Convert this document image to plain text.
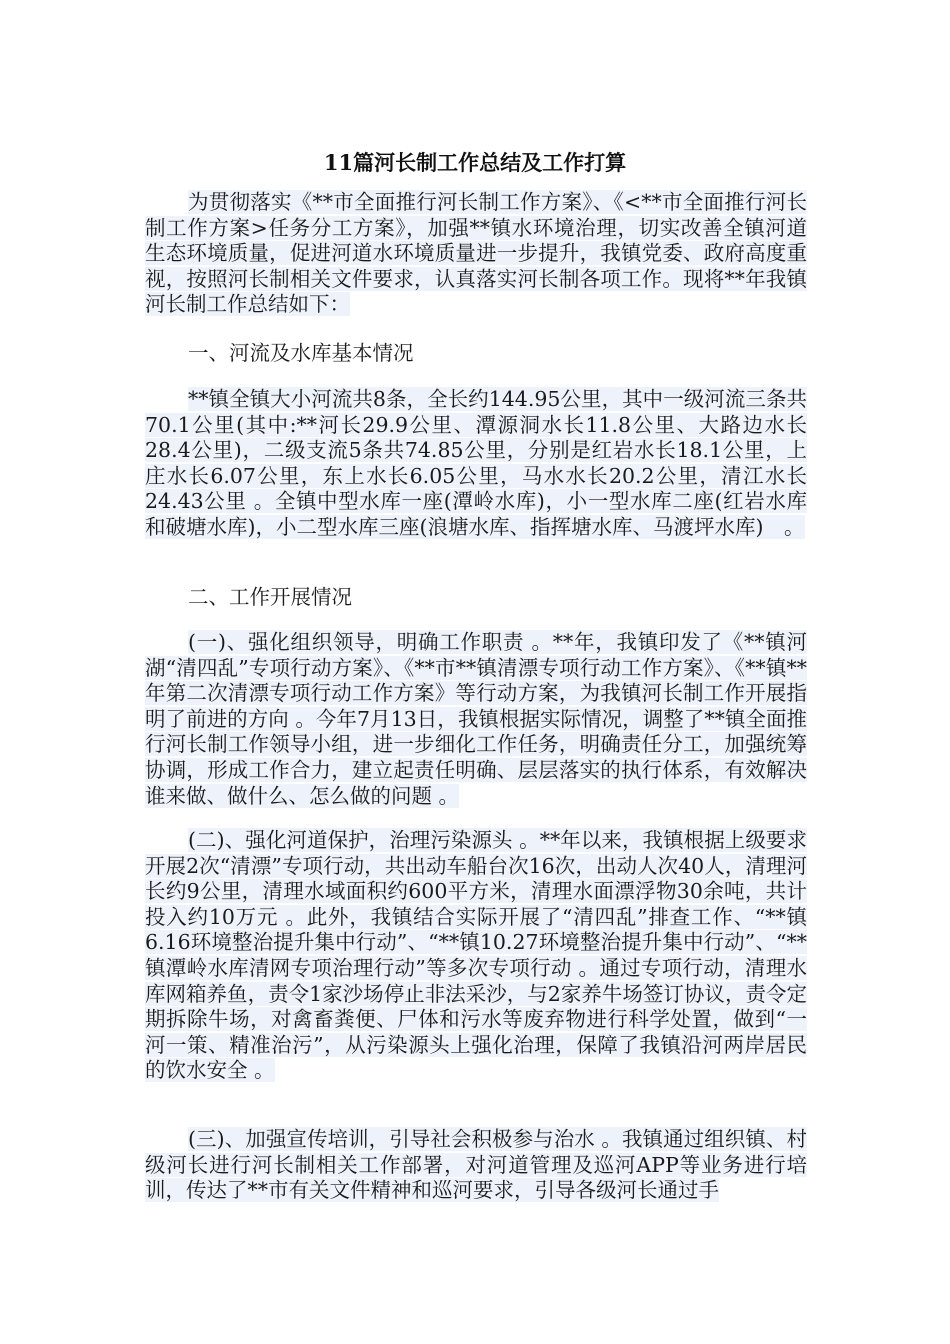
11篇河长制工作总结及工作打算

为贯彻落实《**市全面推行河长制工作方案》、《<**市全面推行河长制工作方案>任务分工方案》，加强**镇水环境治理，切实改善全镇河道生态环境质量，促进河道水环境质量进一步提升，我镇党委、政府高度重视，按照河长制相关文件要求，认真落实河长制各项工作。现将**年我镇河长制工作总结如下：

一、河流及水库基本情况

**镇全镇大小河流共8条，全长约144.95公里，其中一级河流三条共70.1公里(其中:**河长29.9公里、潭源洞水长11.8公里、大路边水长28.4公里)，二级支流5条共74.85公里，分别是红岩水长18.1公里，上庄水长6.07公里，东上水长6.05公里，马水水长20.2公里，清江水长24.43公里 。全镇中型水库一座(潭岭水库)，小一型水库二座(红岩水库和破塘水库)，小二型水库三座(浪塘水库、指挥塘水库、马渡坪水库)　。

二、工作开展情况

(一)、强化组织领导，明确工作职责 。**年，我镇印发了《**镇河湖“清四乱”专项行动方案》、《**市**镇清漂专项行动工作方案》、《**镇**年第二次清漂专项行动工作方案》等行动方案，为我镇河长制工作开展指明了前进的方向 。今年7月13日，我镇根据实际情况，调整了**镇全面推行河长制工作领导小组，进一步细化工作任务，明确责任分工，加强统筹协调，形成工作合力，建立起责任明确、层层落实的执行体系，有效解决谁来做、做什么、怎么做的问题 。

(二)、强化河道保护，治理污染源头 。**年以来，我镇根据上级要求开展2次“清漂”专项行动，共出动车船台次16次，出动人次40人，清理河长约9公里，清理水域面积约600平方米，清理水面漂浮物30余吨，共计投入约10万元 。此外，我镇结合实际开展了“清四乱”排查工作、“**镇6.16环境整治提升集中行动”、“**镇10.27环境整治提升集中行动”、“**镇潭岭水库清网专项治理行动”等多次专项行动 。通过专项行动，清理水库网箱养鱼，责令1家沙场停止非法采沙，与2家养牛场签订协议，责令定期拆除牛场，对禽畜粪便、尸体和污水等废弃物进行科学处置，做到“一河一策、精准治污”，从污染源头上强化治理，保障了我镇沿河两岸居民的饮水安全 。

(三)、加强宣传培训，引导社会积极参与治水 。我镇通过组织镇、村级河长进行河长制相关工作部署，对河道管理及巡河APP等业务进行培训，传达了**市有关文件精神和巡河要求，引导各级河长通过手
